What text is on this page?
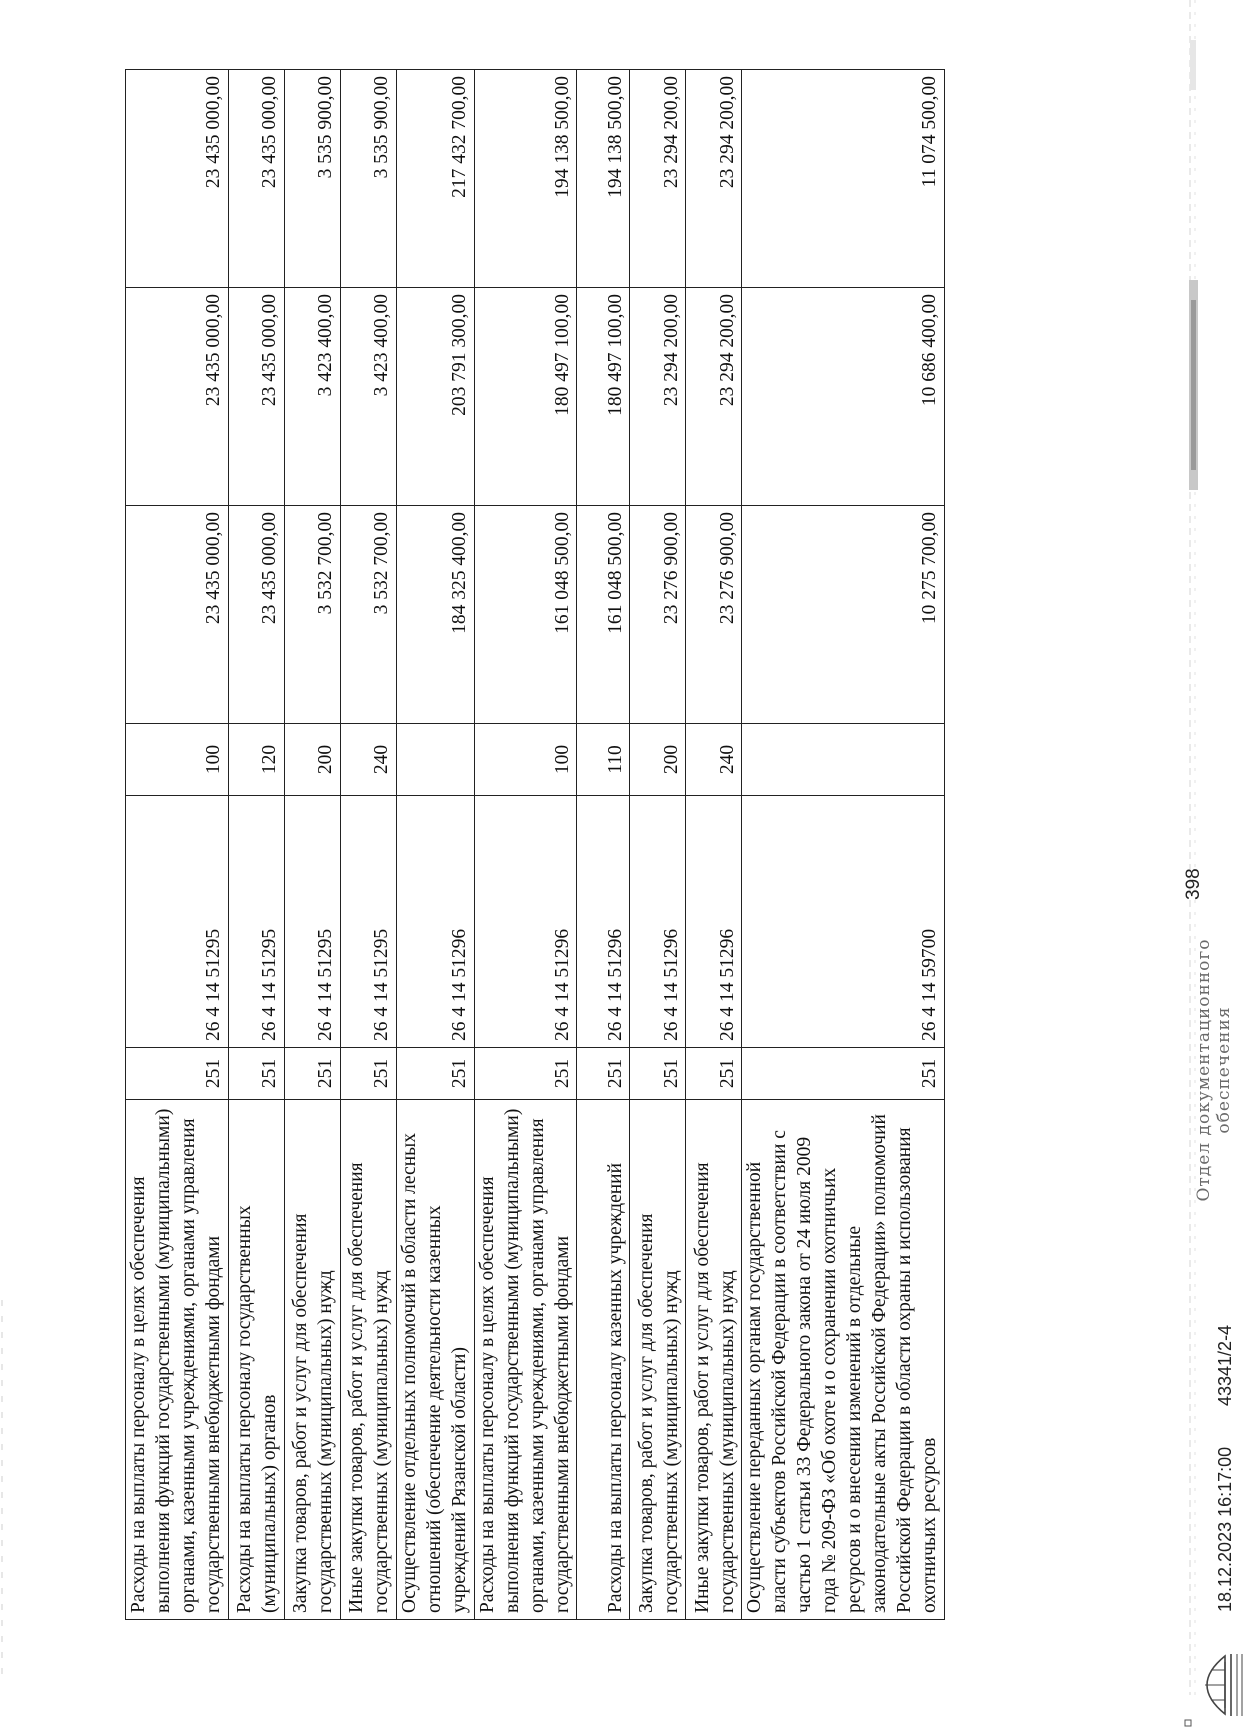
Расходы на выплаты персоналу в целях обеспечения выполнения функций государственными (муниципальными) органами, казенными учреждениями, органами управления государственными внебюджетными фондами	251	26 4 14 51295	100	23 435 000,00	23 435 000,00	23 435 000,00
Расходы на выплаты персоналу государственных (муниципальных) органов	251	26 4 14 51295	120	23 435 000,00	23 435 000,00	23 435 000,00
Закупка товаров, работ и услуг для обеспечения государственных (муниципальных) нужд	251	26 4 14 51295	200	3 532 700,00	3 423 400,00	3 535 900,00
Иные закупки товаров, работ и услуг для обеспечения государственных (муниципальных) нужд	251	26 4 14 51295	240	3 532 700,00	3 423 400,00	3 535 900,00
Осуществление отдельных полномочий в области лесных отношений (обеспечение деятельности казенных учреждений Рязанской области)	251	26 4 14 51296		184 325 400,00	203 791 300,00	217 432 700,00
Расходы на выплаты персоналу в целях обеспечения выполнения функций государственными (муниципальными) органами, казенными учреждениями, органами управления государственными внебюджетными фондами	251	26 4 14 51296	100	161 048 500,00	180 497 100,00	194 138 500,00
Расходы на выплаты персоналу казенных учреждений	251	26 4 14 51296	110	161 048 500,00	180 497 100,00	194 138 500,00
Закупка товаров, работ и услуг для обеспечения государственных (муниципальных) нужд	251	26 4 14 51296	200	23 276 900,00	23 294 200,00	23 294 200,00
Иные закупки товаров, работ и услуг для обеспечения государственных (муниципальных) нужд	251	26 4 14 51296	240	23 276 900,00	23 294 200,00	23 294 200,00
Осуществление переданных органам государственной власти субъектов Российской Федерации в соответствии с частью 1 статьи 33 Федерального закона от 24 июля 2009 года № 209-ФЗ «Об охоте и о сохранении охотничьих ресурсов и о внесении изменений в отдельные законодательные акты Российской Федерации» полномочий Российской Федерации в области охраны и использования охотничьих ресурсов	251	26 4 14 59700		10 275 700,00	10 686 400,00	11 074 500,00
18.12.2023 16:17:00
43341/2-4
Отдел документационного обеспечения
398
